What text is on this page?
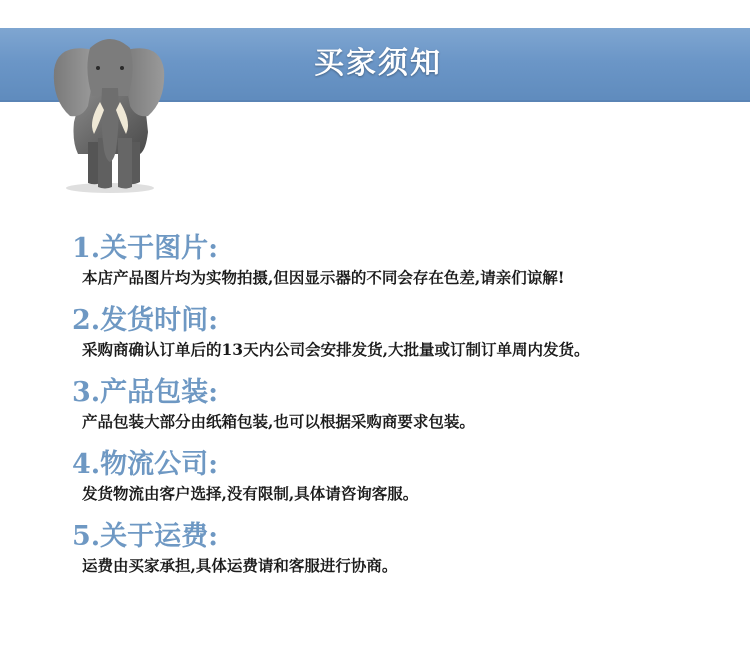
买家须知
1.关于图片:
本店产品图片均为实物拍摄,但因显示器的不同会存在色差,请亲们谅解!
2.发货时间:
采购商确认订单后的13天内公司会安排发货,大批量或订制订单周内发货。
3.产品包装:
产品包装大部分由纸箱包装,也可以根据采购商要求包装。
4.物流公司:
发货物流由客户选择,没有限制,具体请咨询客服。
5.关于运费:
运费由买家承担,具体运费请和客服进行协商。
